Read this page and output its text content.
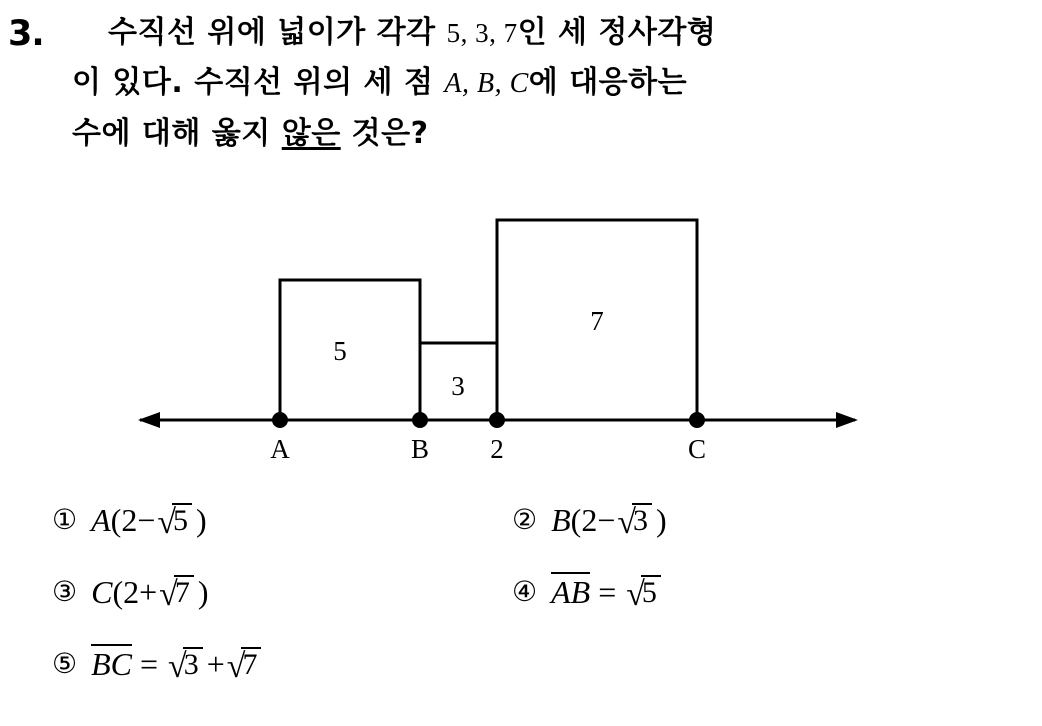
3.	수직선 위에 넓이가 각각 5, 3, 7인 세 정사각형
이 있다. 수직선 위의 세 점 A, B, C에 대응하는
수에 대해 옳지 않은 것은?
5
3
7
A	B 2	C
① A(2−√5 )	② B(2−√3 )
③ C(2+√7 )	④ AB = √5
⑤ BC = √3 +√7
